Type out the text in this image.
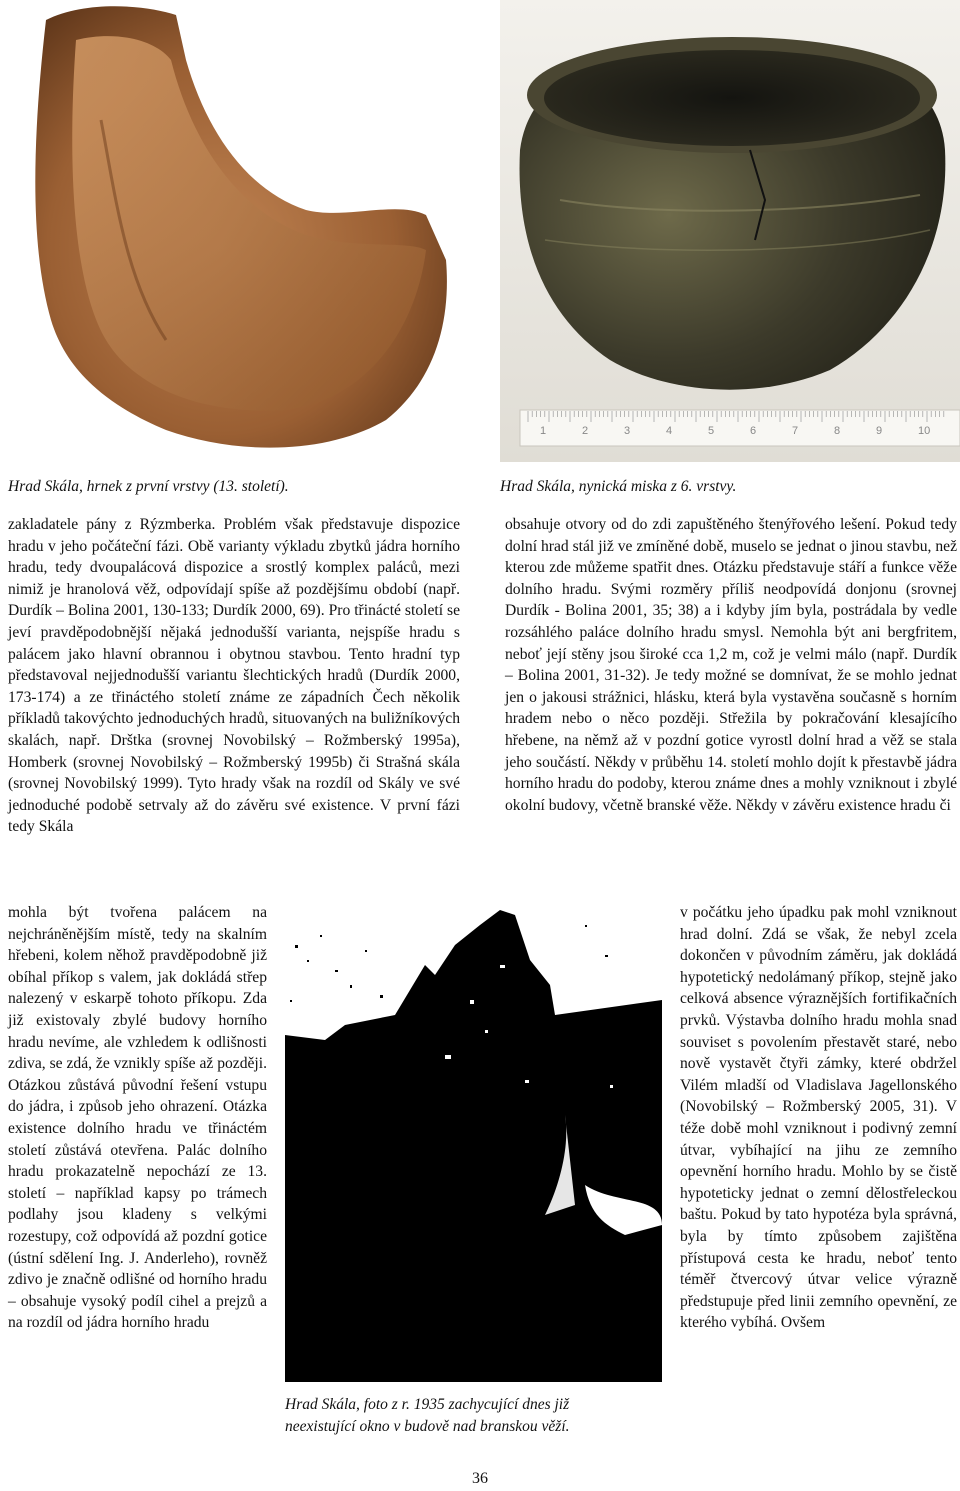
1	2	3	4	5	6	7	8	9	10
Hrad Skála, hrnek z první vrstvy (13. století).	Hrad Skála, nynická miska z 6. vrstvy.

zakladatele pány z Rýzmberka. Problém však představuje dispozice hradu v jeho počáteční fázi. Obě varianty výkladu zbytků jádra horního hradu, tedy dvoupalácová dispozice a srostlý komplex paláců, mezi nimiž je hranolová věž, odpovídají spíše až pozdějšímu období (např. Durdík – Bolina 2001, 130-133; Durdík 2000, 69). Pro třinácté století se jeví pravděpodobnější nějaká jednodušší varianta, nejspíše hradu s palácem jako hlavní obrannou i obytnou stavbou. Tento hradní typ představoval nejjednodušší variantu šlechtických hradů (Durdík 2000, 173-174) a ze třináctého století známe ze západních Čech několik příkladů takovýchto jednoduchých hradů, situovaných na buližníkových skalách, např. Drštka (srovnej Novobilský – Rožmberský 1995a), Homberk (srovnej Novobilský – Rožmberský 1995b) či Strašná skála (srovnej Novobilský 1999). Tyto hrady však na rozdíl od Skály ve své jednoduché podobě setrvaly až do závěru své existence. V první fázi tedy Skála

mohla být tvořena palácem na nejchráněnějším místě, tedy na skalním hřebeni, kolem něhož pravděpodobně již obíhal příkop s valem, jak dokládá střep nalezený v eskarpě tohoto příkopu. Zda již existovaly zbylé budovy horního hradu nevíme, ale vzhledem k odlišnosti zdiva, se zdá, že vznikly spíše až později. Otázkou zůstává původní řešení vstupu do jádra, i způsob jeho ohrazení. Otázka existence dolního hradu ve třináctém století zůstává otevřena. Palác dolního hradu prokazatelně nepochází ze 13. století – například kapsy po trámech podlahy jsou kladeny s velkými rozestupy, což odpovídá až pozdní gotice (ústní sdělení Ing. J. Anderleho), rovněž zdivo je značně odlišné od horního hradu – obsahuje vysoký podíl cihel a prejzů a na rozdíl od jádra horního hradu

obsahuje otvory od do zdi zapuštěného štenýřového lešení. Pokud tedy dolní hrad stál již ve zmíněné době, muselo se jednat o jinou stavbu, než kterou zde můžeme spatřit dnes. Otázku představuje stáří a funkce věže dolního hradu. Svými rozměry příliš neodpovídá donjonu (srovnej Durdík - Bolina 2001, 35; 38) a i kdyby jím byla, postrádala by vedle rozsáhlého paláce dolního hradu smysl. Nemohla být ani bergfritem, neboť její stěny jsou široké cca 1,2 m, což je velmi málo (např. Durdík – Bolina 2001, 31-32). Je tedy možné se domnívat, že se mohlo jednat jen o jakousi strážnici, hlásku, která byla vystavěna současně s horním hradem nebo o něco později. Střežila by pokračování klesajícího hřebene, na němž až v pozdní gotice vyrostl dolní hrad a věž se stala jeho součástí. Někdy v průběhu 14. století mohlo dojít k přestavbě jádra horního hradu do podoby, kterou známe dnes a mohly vzniknout i zbylé okolní budovy, včetně branské věže. Někdy v závěru existence hradu či

v počátku jeho úpadku pak mohl vzniknout hrad dolní. Zdá se však, že nebyl zcela dokončen v původním záměru, jak dokládá hypotetický nedolámaný příkop, stejně jako celková absence výraznějších fortifikačních prvků. Výstavba dolního hradu mohla snad souviset s povolením přestavět staré, nebo nově vystavět čtyři zámky, které obdržel Vilém mladší od Vladislava Jagellonského (Novobilský – Rožmberský 2005, 31). V téže době mohl vzniknout i podivný zemní útvar, vybíhající na jihu ze zemního opevnění horního hradu. Mohlo by se čistě hypoteticky jednat o zemní dělostřeleckou baštu. Pokud by tato hypotéza byla správná, byla by tímto způsobem zajištěna přístupová cesta ke hradu, neboť tento téměř čtvercový útvar velice výrazně předstupuje před linii zemního opevnění, ze kterého vybíhá. Ovšem

Hrad Skála, foto z r. 1935 zachycující dnes již
neexistující okno v budově nad branskou věží.
36
